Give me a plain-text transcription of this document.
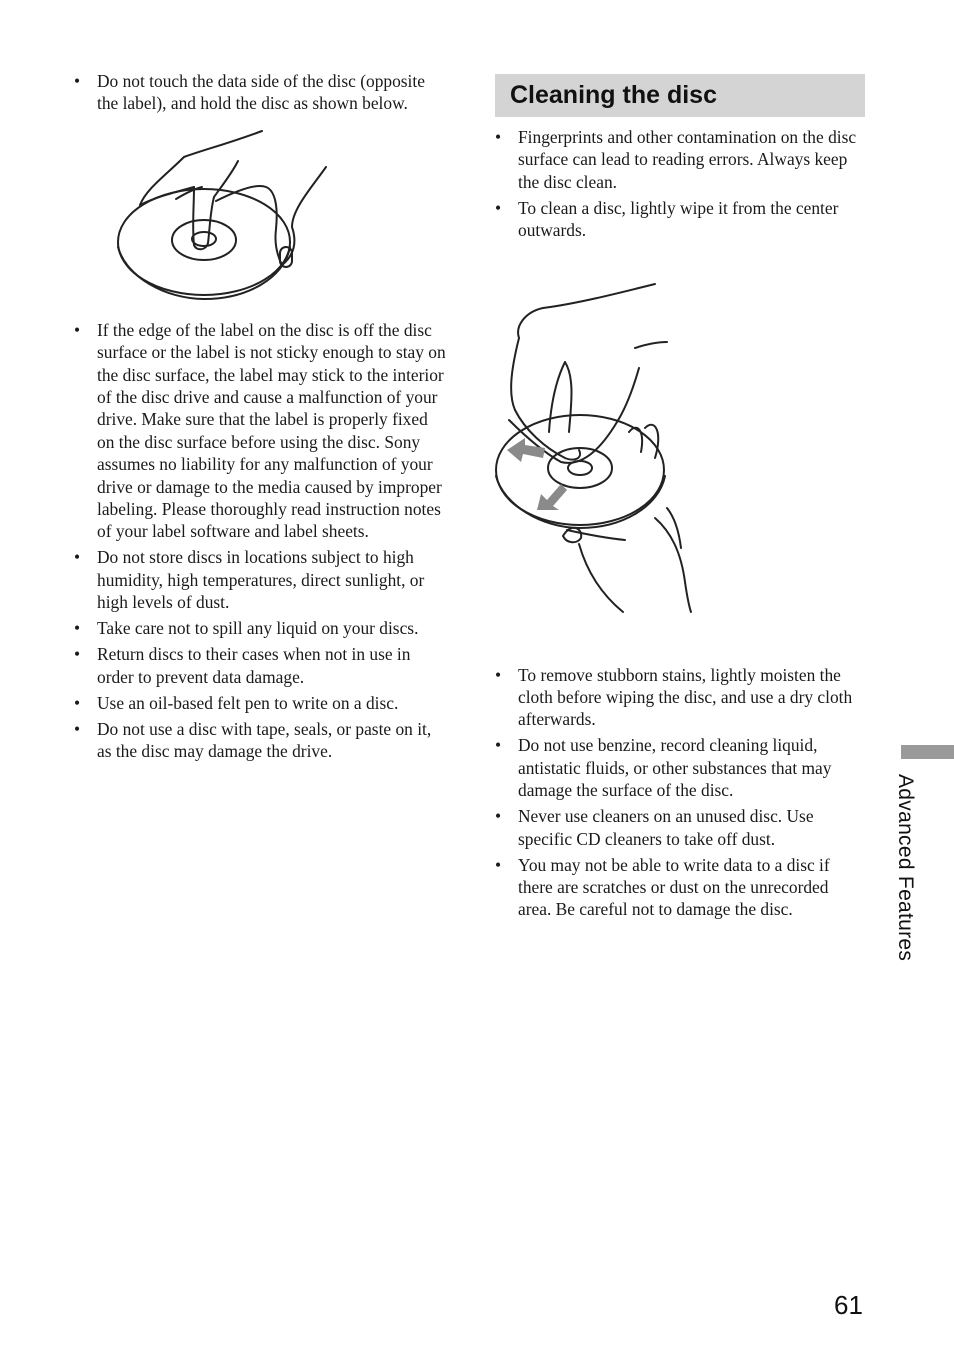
• Do not touch the data side of the disc (opposite the label), and hold the disc as shown below.
• If the edge of the label on the disc is off the disc surface or the label is not sticky enough to stay on the disc surface, the label may stick to the interior of the disc drive and cause a malfunction of your drive. Make sure that the label is properly fixed on the disc surface before using the disc. Sony assumes no liability for any malfunction of your drive or damage to the media caused by improper labeling. Please thoroughly read instruction notes of your label software and label sheets.
• Do not store discs in locations subject to high humidity, high temperatures, direct sunlight, or high levels of dust.
• Take care not to spill any liquid on your discs.
• Return discs to their cases when not in use in order to prevent data damage.
• Use an oil-based felt pen to write on a disc.
• Do not use a disc with tape, seals, or paste on it, as the disc may damage the drive.
Cleaning the disc
• Fingerprints and other contamination on the disc surface can lead to reading errors. Always keep the disc clean.
• To clean a disc, lightly wipe it from the center outwards.
• To remove stubborn stains, lightly moisten the cloth before wiping the disc, and use a dry cloth afterwards.
• Do not use benzine, record cleaning liquid, antistatic fluids, or other substances that may damage the surface of the disc.
• Never use cleaners on an unused disc. Use specific CD cleaners to take off dust.
• You may not be able to write data to a disc if there are scratches or dust on the unrecorded area. Be careful not to damage the disc.	Advanced Features
61
